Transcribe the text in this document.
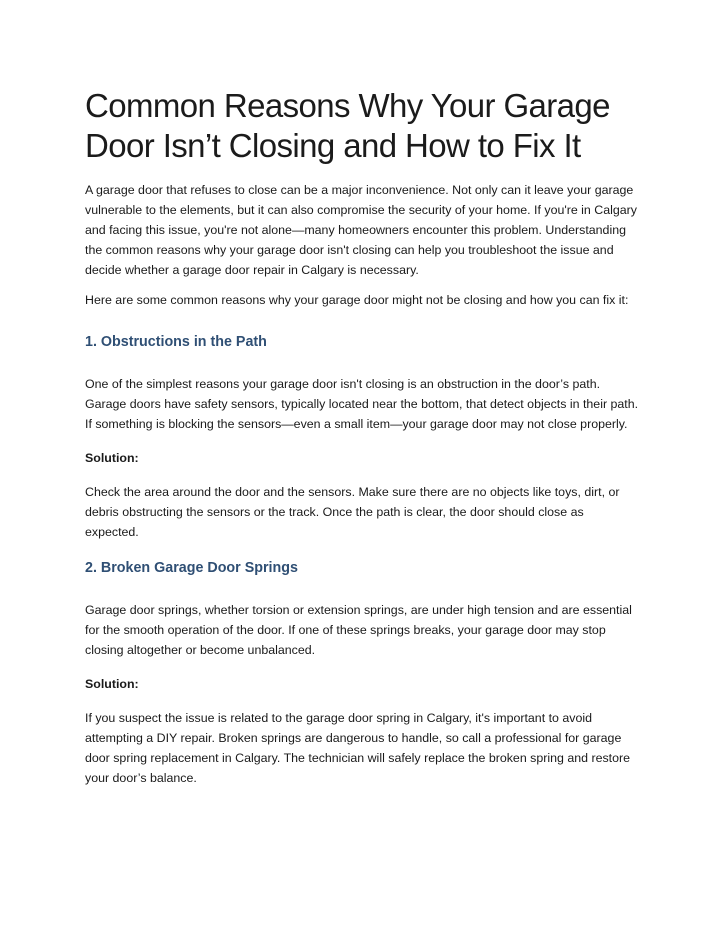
Common Reasons Why Your Garage Door Isn’t Closing and How to Fix It

A garage door that refuses to close can be a major inconvenience. Not only can it leave your garage vulnerable to the elements, but it can also compromise the security of your home. If you're in Calgary and facing this issue, you're not alone—many homeowners encounter this problem. Understanding the common reasons why your garage door isn't closing can help you troubleshoot the issue and decide whether a garage door repair in Calgary is necessary.

Here are some common reasons why your garage door might not be closing and how you can fix it:

1. Obstructions in the Path

One of the simplest reasons your garage door isn't closing is an obstruction in the door’s path. Garage doors have safety sensors, typically located near the bottom, that detect objects in their path. If something is blocking the sensors—even a small item—your garage door may not close properly.

Solution:

Check the area around the door and the sensors. Make sure there are no objects like toys, dirt, or debris obstructing the sensors or the track. Once the path is clear, the door should close as expected.

2. Broken Garage Door Springs

Garage door springs, whether torsion or extension springs, are under high tension and are essential for the smooth operation of the door. If one of these springs breaks, your garage door may stop closing altogether or become unbalanced.

Solution:

If you suspect the issue is related to the garage door spring in Calgary, it's important to avoid attempting a DIY repair. Broken springs are dangerous to handle, so call a professional for garage door spring replacement in Calgary. The technician will safely replace the broken spring and restore your door’s balance.
